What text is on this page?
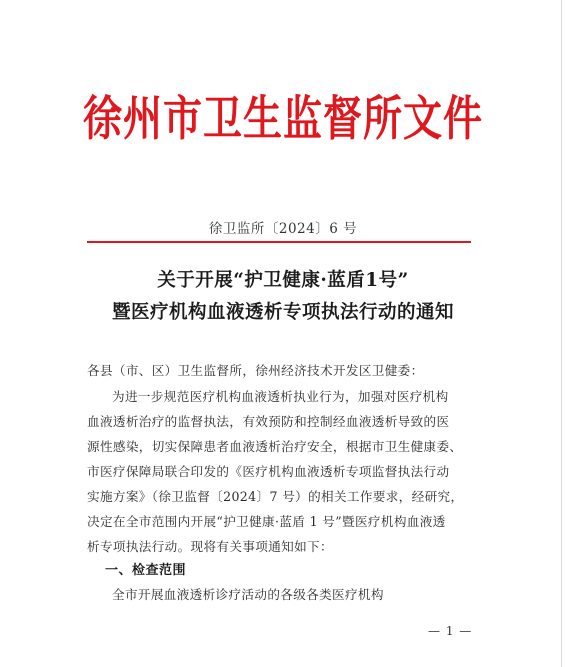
徐州市卫生监督所文件
徐卫监所〔2024〕6 号
关于开展“护卫健康·蓝盾1号”
暨医疗机构血液透析专项执法行动的通知
各县（市、区）卫生监督所，徐州经济技术开发区卫健委：
为进一步规范医疗机构血液透析执业行为，加强对医疗机构
血液透析治疗的监督执法，有效预防和控制经血液透析导致的医
源性感染，切实保障患者血液透析治疗安全，根据市卫生健康委、
市医疗保障局联合印发的《医疗机构血液透析专项监督执法行动
实施方案》（徐卫监督〔2024〕7 号）的相关工作要求，经研究，
决定在全市范围内开展“护卫健康·蓝盾 1 号”暨医疗机构血液透
析专项执法行动。现将有关事项通知如下：
一、检查范围
全市开展血液透析诊疗活动的各级各类医疗机构
— 1 —
